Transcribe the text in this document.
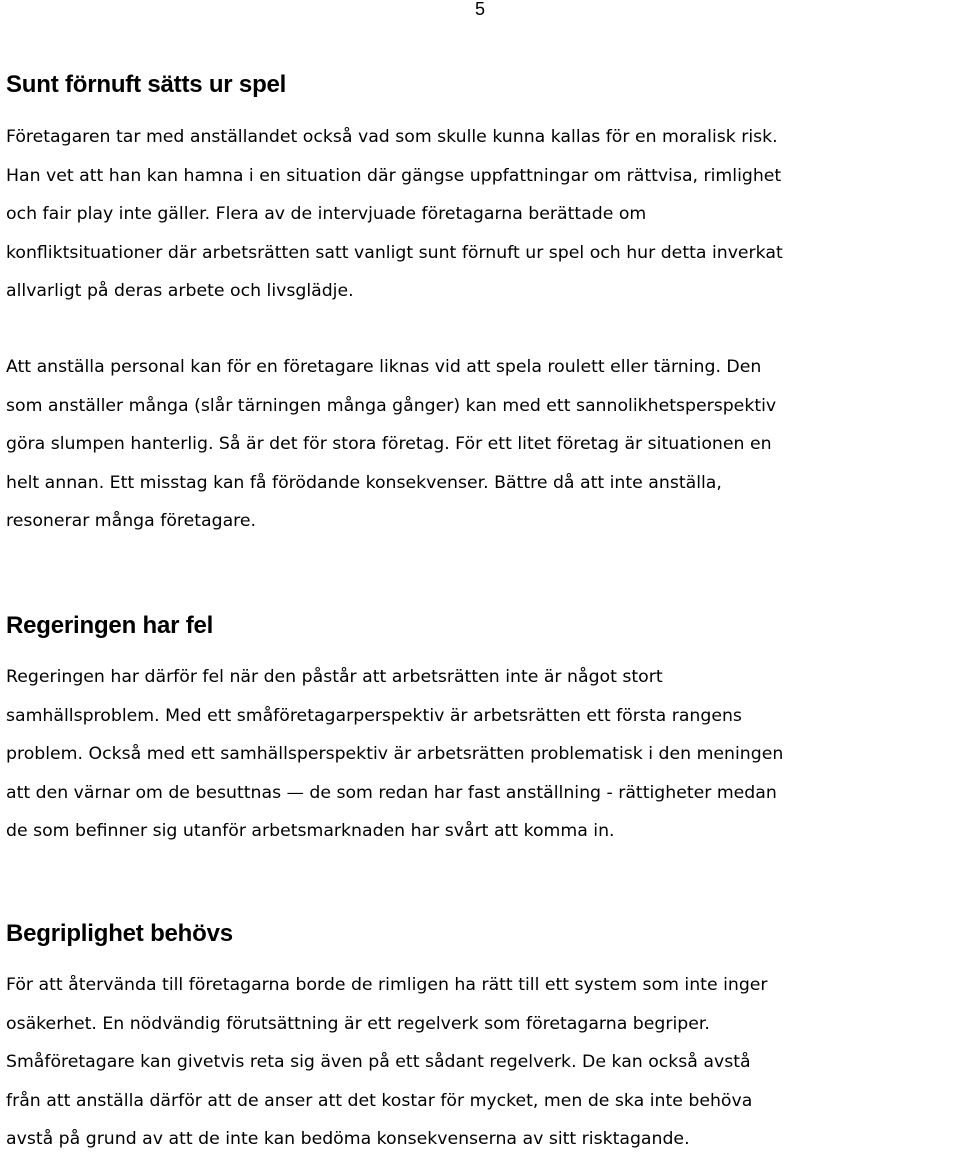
5
Sunt förnuft sätts ur spel

Företagaren tar med anställandet också vad som skulle kunna kallas för en moralisk risk.
Han vet att han kan hamna i en situation där gängse uppfattningar om rättvisa, rimlighet
och fair play inte gäller. Flera av de intervjuade företagarna berättade om
konfliktsituationer där arbetsrätten satt vanligt sunt förnuft ur spel och hur detta inverkat
allvarligt på deras arbete och livsglädje.

Att anställa personal kan för en företagare liknas vid att spela roulett eller tärning. Den
som anställer många (slår tärningen många gånger) kan med ett sannolikhetsperspektiv
göra slumpen hanterlig. Så är det för stora företag. För ett litet företag är situationen en
helt annan. Ett misstag kan få förödande konsekvenser. Bättre då att inte anställa,
resonerar många företagare.

Regeringen har fel

Regeringen har därför fel när den påstår att arbetsrätten inte är något stort
samhällsproblem. Med ett småföretagarperspektiv är arbetsrätten ett första rangens
problem. Också med ett samhällsperspektiv är arbetsrätten problematisk i den meningen
att den värnar om de besuttnas — de som redan har fast anställning - rättigheter medan
de som befinner sig utanför arbetsmarknaden har svårt att komma in.

Begriplighet behövs

För att återvända till företagarna borde de rimligen ha rätt till ett system som inte inger
osäkerhet. En nödvändig förutsättning är ett regelverk som företagarna begriper.
Småföretagare kan givetvis reta sig även på ett sådant regelverk. De kan också avstå
från att anställa därför att de anser att det kostar för mycket, men de ska inte behöva
avstå på grund av att de inte kan bedöma konsekvenserna av sitt risktagande.
